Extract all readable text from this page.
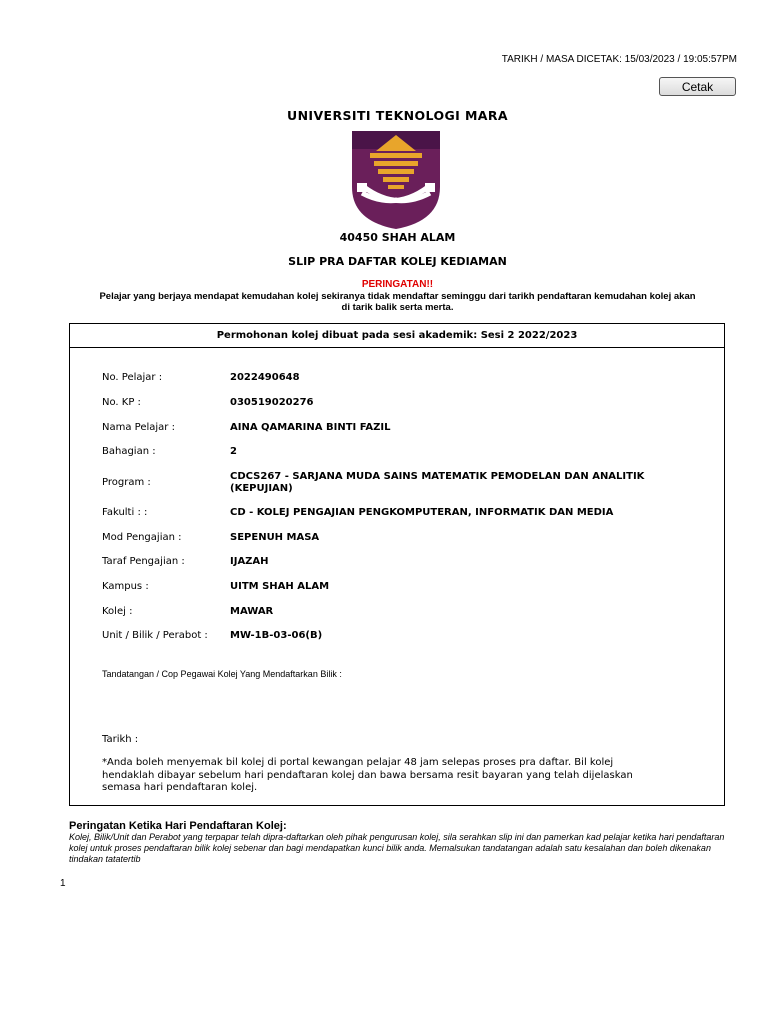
TARIKH / MASA DICETAK: 15/03/2023 / 19:05:57PM
Cetak
UNIVERSITI TEKNOLOGI MARA
40450 SHAH ALAM
SLIP PRA DAFTAR KOLEJ KEDIAMAN
PERINGATAN!!
Pelajar yang berjaya mendapat kemudahan kolej sekiranya tidak mendaftar seminggu dari tarikh pendaftaran kemudahan kolej akan di tarik balik serta merta.
Permohonan kolej dibuat pada sesi akademik: Sesi 2 2022/2023
No. Pelajar :	2022490648
No. KP :	030519020276
Nama Pelajar :	AINA QAMARINA BINTI FAZIL
Bahagian :	2
Program :
CDCS267 - SARJANA MUDA SAINS MATEMATIK PEMODELAN DAN ANALITIK (KEPUJIAN)
Fakulti : :	CD - KOLEJ PENGAJIAN PENGKOMPUTERAN, INFORMATIK DAN MEDIA
Mod Pengajian :	SEPENUH MASA
Taraf Pengajian :	IJAZAH
Kampus :	UITM SHAH ALAM
Kolej :	MAWAR
Unit / Bilik / Perabot : MW-1B-03-06(B)
Tandatangan / Cop Pegawai Kolej Yang Mendaftarkan Bilik :
Tarikh :
*Anda boleh menyemak bil kolej di portal kewangan pelajar 48 jam selepas proses pra daftar. Bil kolej hendaklah dibayar sebelum hari pendaftaran kolej dan bawa bersama resit bayaran yang telah dijelaskan semasa hari pendaftaran kolej.
Peringatan Ketika Hari Pendaftaran Kolej:
Kolej, Bilik/Unit dan Perabot yang terpapar telah dipra-daftarkan oleh pihak pengurusan kolej, sila serahkan slip ini dan pamerkan kad pelajar ketika hari pendaftaran kolej untuk proses pendaftaran bilik kolej sebenar dan bagi mendapatkan kunci bilik anda. Memalsukan tandatangan adalah satu kesalahan dan boleh dikenakan tindakan tatatertib
1
